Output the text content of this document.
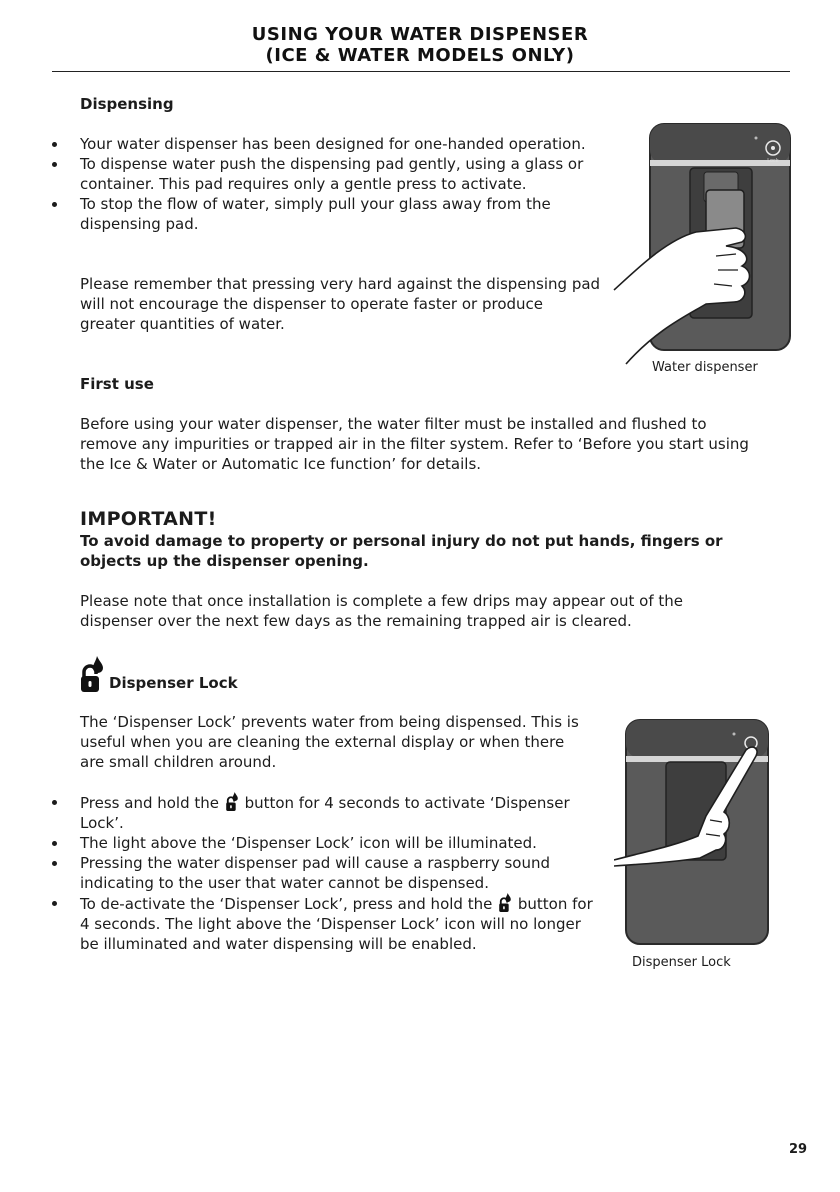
USING YOUR WATER DISPENSER
(ICE & WATER MODELS ONLY)
Dispensing
Your water dispenser has been designed for one-handed operation.
To dispense water push the dispensing pad gently, using a glass or container. This pad requires only a gentle press to activate.
To stop the flow of water, simply pull your glass away from the dispensing pad.
Please remember that pressing very hard against the dispensing pad will not encourage the dispenser to operate faster or produce greater quantities of water.
Lock
Water dispenser
First use
Before using your water dispenser, the water filter must be installed and flushed to remove any impurities or trapped air in the filter system. Refer to ‘Before you start using the Ice & Water or Automatic Ice function’ for details.
IMPORTANT!
To avoid damage to property or personal injury do not put hands, fingers or objects up the dispenser opening.
Please note that once installation is complete a few drips may appear out of the dispenser over the next few days as the remaining trapped air is cleared.
Dispenser Lock
The ‘Dispenser Lock’ prevents water from being dispensed. This is useful when you are cleaning the external display or when there are small children around.
Press and hold the button for 4 seconds to activate ‘Dispenser Lock’.
The light above the ‘Dispenser Lock’ icon will be illuminated.
Pressing the water dispenser pad will cause a raspberry sound indicating to the user that water cannot be dispensed.
To de-activate the ‘Dispenser Lock’, press and hold the button for 4 seconds. The light above the ‘Dispenser Lock’ icon will no longer be illuminated and water dispensing will be enabled.
Dispenser Lock
29
